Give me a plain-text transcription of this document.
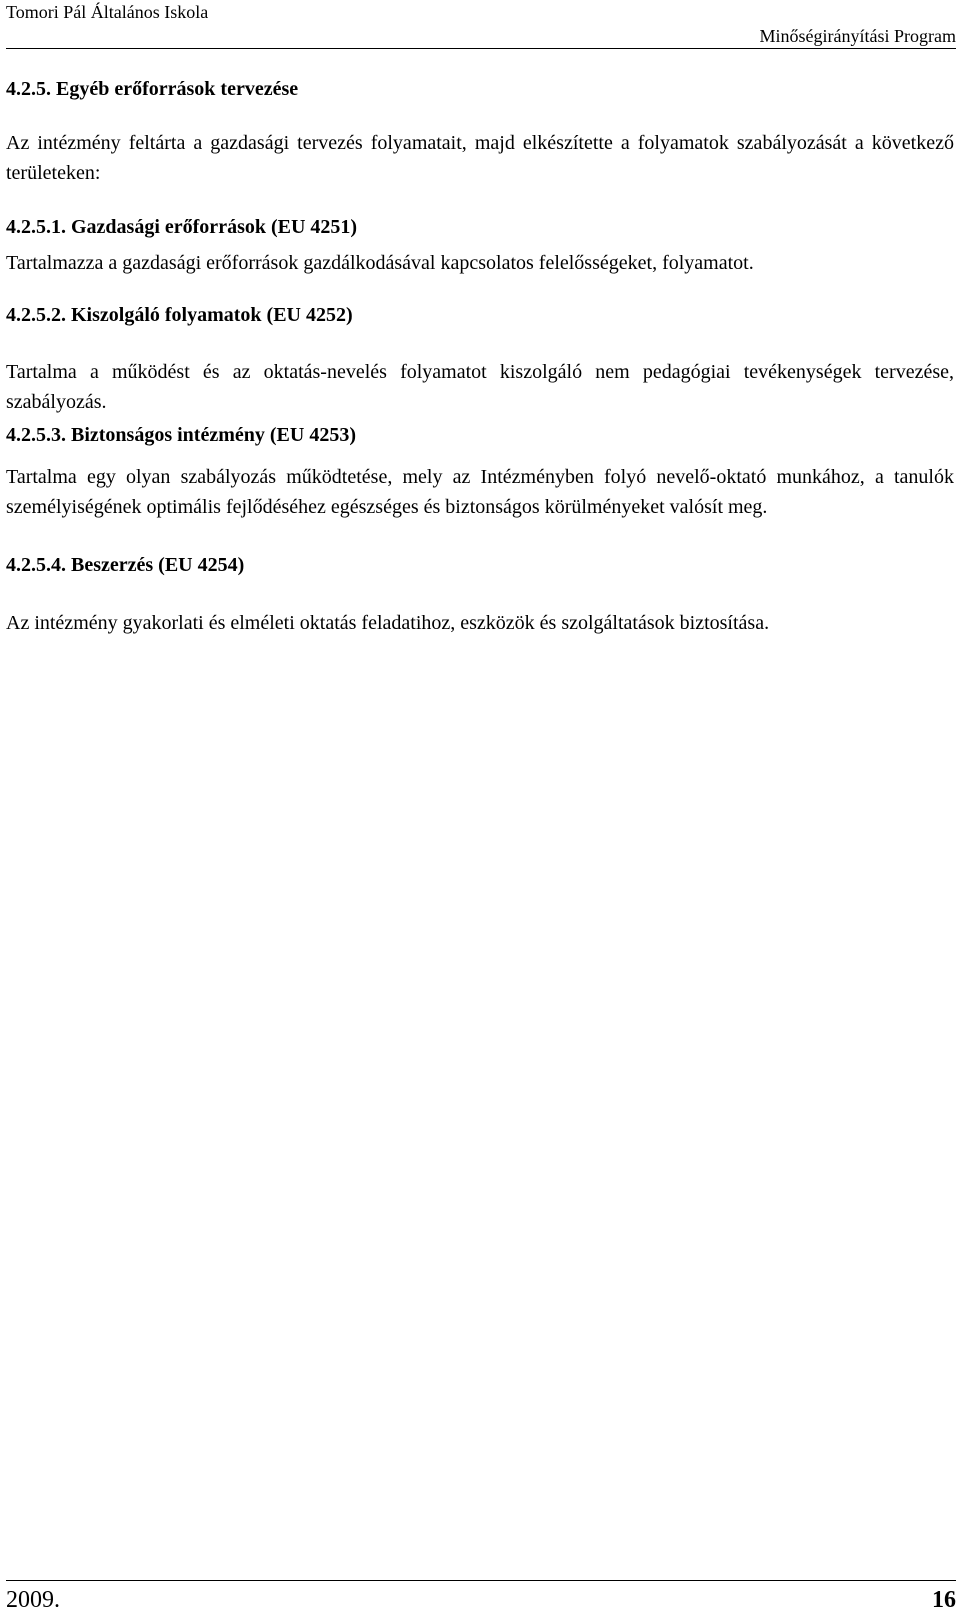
Tomori Pál Általános Iskola
Minőségirányítási Program

4.2.5. Egyéb erőforrások tervezése

Az intézmény feltárta a gazdasági tervezés folyamatait, majd elkészítette a folyamatok szabályozását a következő területeken:

4.2.5.1. Gazdasági erőforrások (EU 4251)

Tartalmazza a gazdasági erőforrások gazdálkodásával kapcsolatos felelősségeket, folyamatot.

4.2.5.2. Kiszolgáló folyamatok (EU 4252)

Tartalma a működést és az oktatás-nevelés folyamatot kiszolgáló nem pedagógiai tevékenységek tervezése, szabályozás.

4.2.5.3. Biztonságos intézmény (EU 4253)

Tartalma egy olyan szabályozás működtetése, mely az Intézményben folyó nevelő-oktató munkához, a tanulók személyiségének optimális fejlődéséhez egészséges és biztonságos körülményeket valósít meg.

4.2.5.4. Beszerzés (EU 4254)

Az intézmény gyakorlati és elméleti oktatás feladatihoz, eszközök és szolgáltatások biztosítása.

2009.	16
